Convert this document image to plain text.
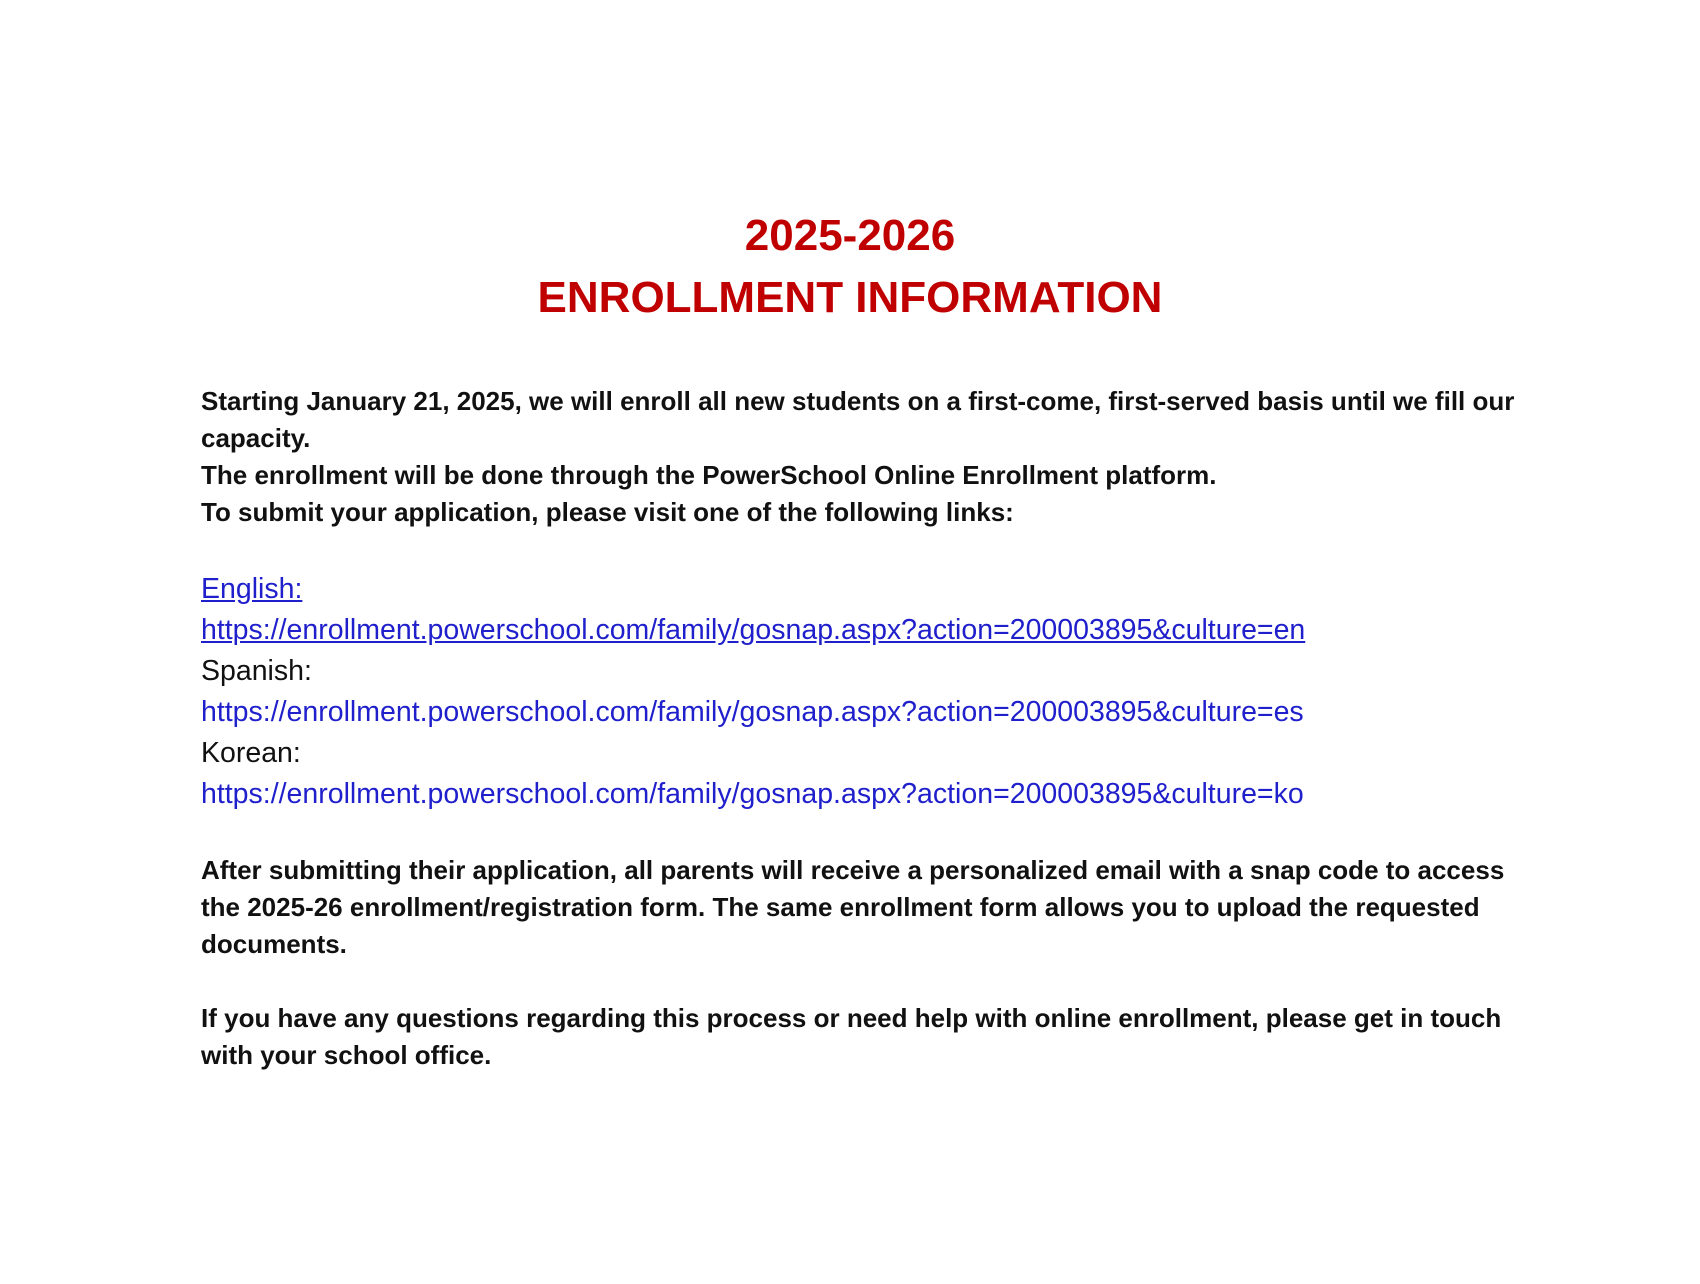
2025-2026
ENROLLMENT INFORMATION

Starting January 21, 2025, we will enroll all new students on a first-come, first-served basis until we fill our capacity.
The enrollment will be done through the PowerSchool Online Enrollment platform.
To submit your application, please visit one of the following links:

English:
https://enrollment.powerschool.com/family/gosnap.aspx?action=200003895&culture=en
Spanish:
https://enrollment.powerschool.com/family/gosnap.aspx?action=200003895&culture=es
Korean:
https://enrollment.powerschool.com/family/gosnap.aspx?action=200003895&culture=ko

After submitting their application, all parents will receive a personalized email with a snap code to access the 2025-26 enrollment/registration form. The same enrollment form allows you to upload the requested documents.

If you have any questions regarding this process or need help with online enrollment, please get in touch with your school office.
